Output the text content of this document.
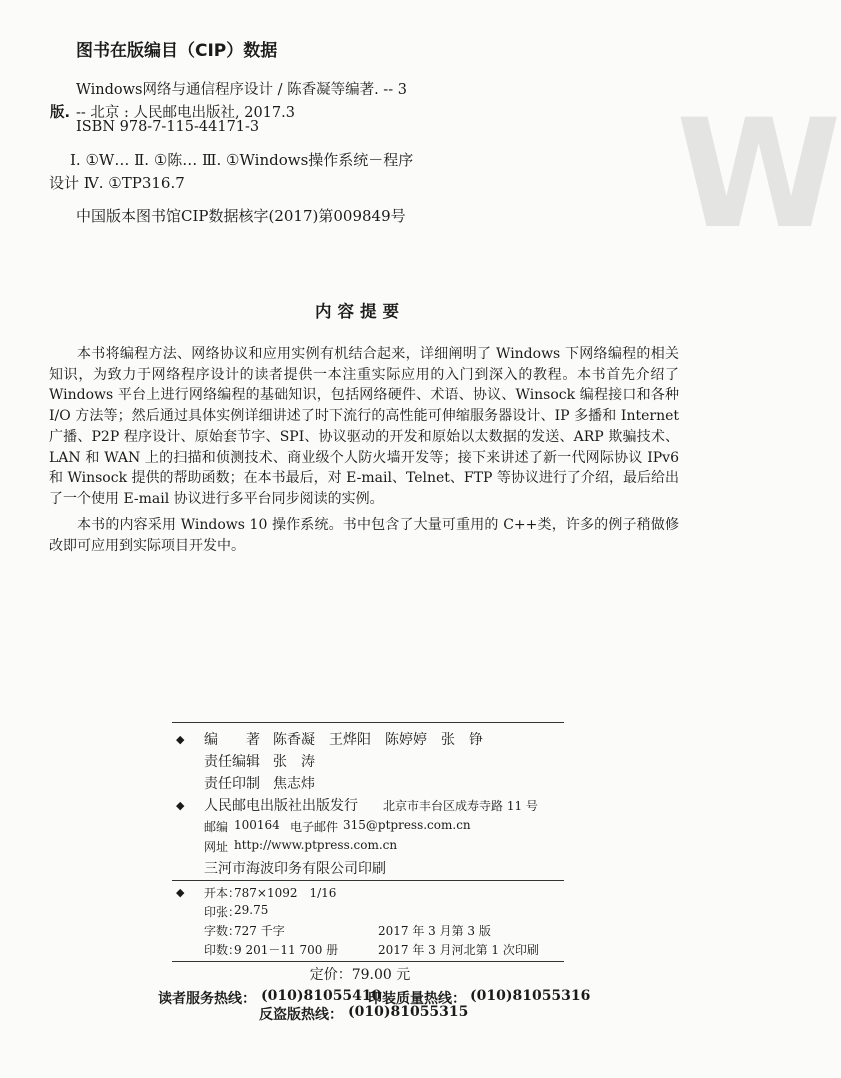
W
图书在版编目（CIP）数据
Windows网络与通信程序设计 / 陈香凝等编著. -- 3
版. -- 北京 : 人民邮电出版社, 2017.3
ISBN 978-7-115-44171-3
Ⅰ. ①W… Ⅱ. ①陈… Ⅲ. ①Windows操作系统－程序
设计 Ⅳ. ①TP316.7
中国版本图书馆CIP数据核字(2017)第009849号
内容提要

本书将编程方法、网络协议和应用实例有机结合起来，详细阐明了 Windows 下网络编程的相关知识，为致力于网络程序设计的读者提供一本注重实际应用的入门到深入的教程。本书首先介绍了 Windows 平台上进行网络编程的基础知识，包括网络硬件、术语、协议、Winsock 编程接口和各种 I/O 方法等；然后通过具体实例详细讲述了时下流行的高性能可伸缩服务器设计、IP 多播和 Internet 广播、P2P 程序设计、原始套节字、SPI、协议驱动的开发和原始以太数据的发送、ARP 欺骗技术、LAN 和 WAN 上的扫描和侦测技术、商业级个人防火墙开发等；接下来讲述了新一代网际协议 IPv6 和 Winsock 提供的帮助函数；在本书最后，对 E-mail、Telnet、FTP 等协议进行了介绍，最后给出了一个使用 E-mail 协议进行多平台同步阅读的实例。

本书的内容采用 Windows 10 操作系统。书中包含了大量可重用的 C++类，许多的例子稍做修改即可应用到实际项目开发中。

◆ 编　　著 陈香凝　王烨阳　陈婷婷　张　铮
责任编辑 张　涛
责任印制 焦志炜
◆ 人民邮电出版社出版发行 北京市丰台区成寿寺路 11 号
邮编 100164 电子邮件 315@ptpress.com.cn
网址 http://www.ptpress.com.cn
三河市海波印务有限公司印刷
◆ 开本：
787×1092　1/16
印张：
29.75
字数：
727 千字	2017 年 3 月第 3 版
印数：
9 201－11 700 册	2017 年 3 月河北第 1 次印刷
定价：79.00 元
读者服务热线： (010)81055410
印装质量热线： (010)81055316
反盗版热线： (010)81055315
